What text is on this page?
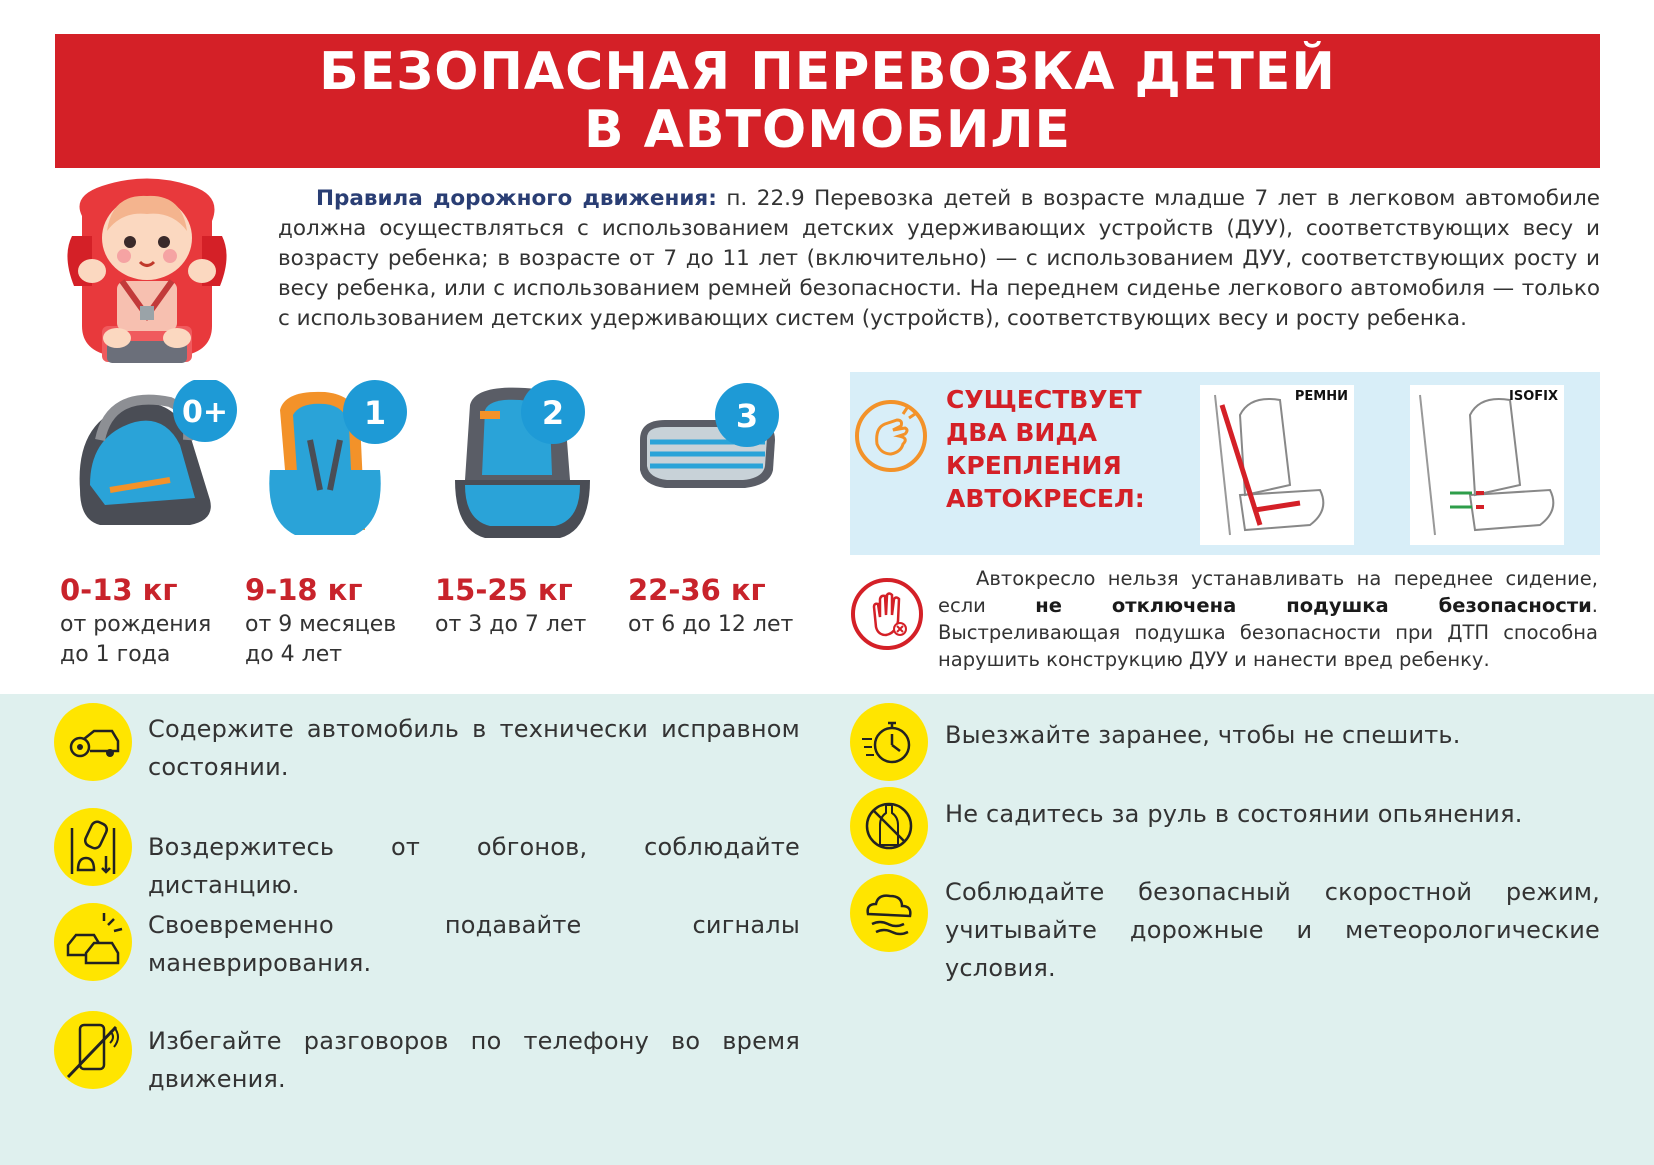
БЕЗОПАСНАЯ ПЕРЕВОЗКА ДЕТЕЙ
В АВТОМОБИЛЕ
Правила дорожного движения: п. 22.9 Перевозка детей в возрасте младше 7 лет в легковом автомобиле должна осуществляться с использованием детских удерживающих устройств (ДУУ), соответствующих весу и возрасту ребенка; в возрасте от 7 до 11 лет (включительно) — с использованием ДУУ, соответствующих росту и весу ребенка, или с использованием ремней безопасности. На переднем сиденье легкового автомобиля — только с использованием детских удерживающих систем (устройств), соответствующих весу и росту ребенка.
0+
0-13 кг
от рождения
до 1 года
1
9-18 кг
от 9 месяцев
до 4 лет
2
15-25 кг
от 3 до 7 лет
3
22-36 кг
от 6 до 12 лет
СУЩЕСТВУЕТ ДВА ВИДА КРЕПЛЕНИЯ АВТОКРЕСЕЛ:
РЕМНИ	ISOFIX
Автокресло нельзя устанавливать на переднее сидение, если не отключена подушка безопасности. Выстреливающая подушка безопасности при ДТП способна нарушить конструкцию ДУУ и нанести вред ребенку.
Содержите автомобиль в технически исправном состоянии.
Воздержитесь от обгонов, соблюдайте дистанцию.
Своевременно подавайте сигналы маневрирования.
Избегайте разговоров по телефону во время движения.
Выезжайте заранее, чтобы не спешить.
Не садитесь за руль в состоянии опьянения.
Соблюдайте безопасный скоростной режим, учитывайте дорожные и метеорологические условия.
